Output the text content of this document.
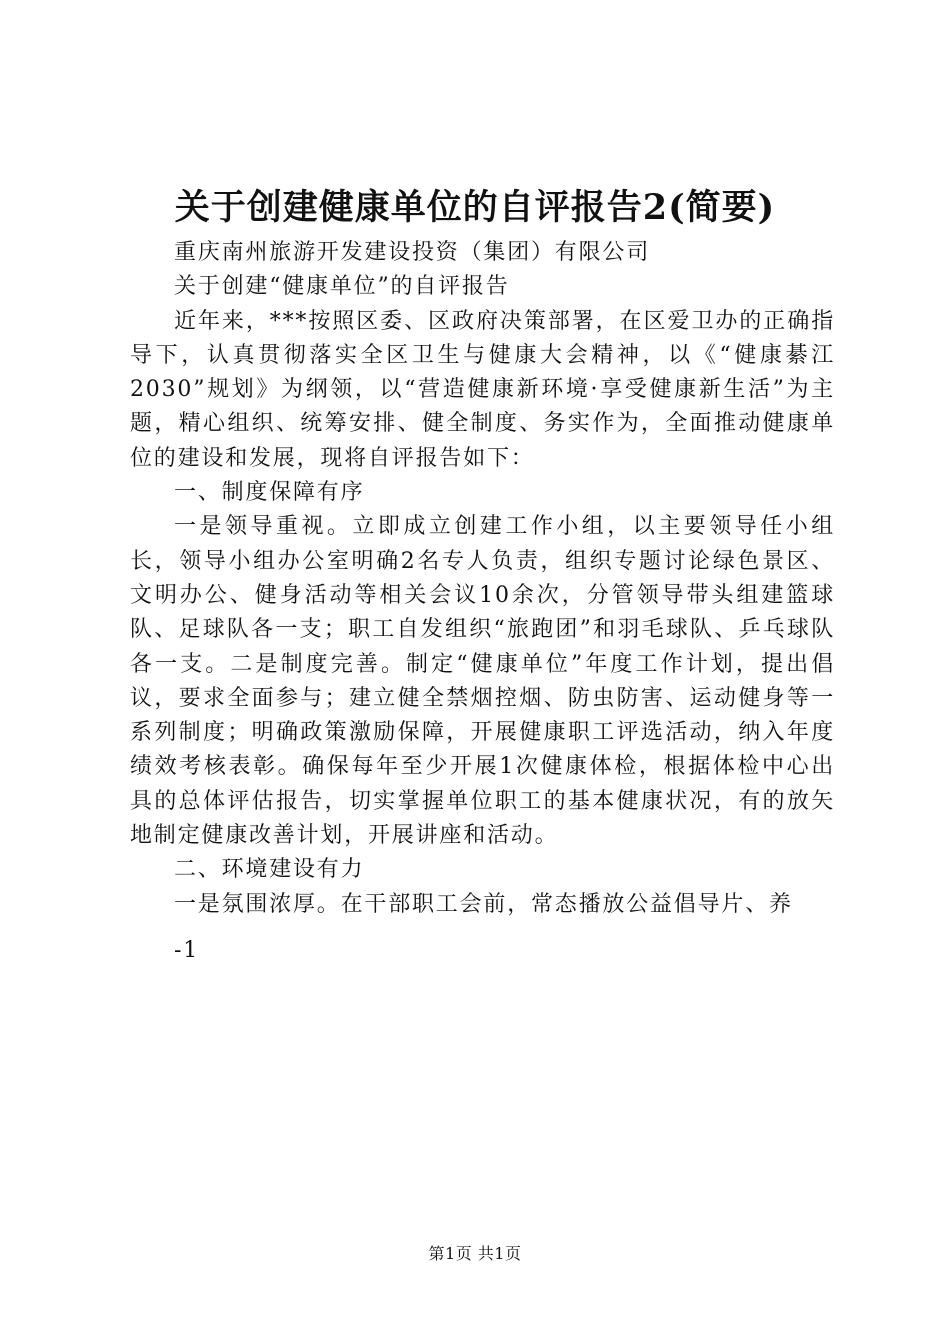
关于创建健康单位的自评报告2(简要)

重庆南州旅游开发建设投资（集团）有限公司

关于创建“健康单位”的自评报告

近年来，***按照区委、区政府决策部署，在区爱卫办的正确指导下，认真贯彻落实全区卫生与健康大会精神，以《“健康綦江2030”规划》为纲领，以“营造健康新环境·享受健康新生活”为主题，精心组织、统筹安排、健全制度、务实作为，全面推动健康单位的建设和发展，现将自评报告如下：

一、制度保障有序

一是领导重视。立即成立创建工作小组，以主要领导任小组长，领导小组办公室明确2名专人负责，组织专题讨论绿色景区、文明办公、健身活动等相关会议10余次，分管领导带头组建篮球队、足球队各一支；职工自发组织“旅跑团”和羽毛球队、乒乓球队各一支。二是制度完善。制定“健康单位”年度工作计划，提出倡议，要求全面参与；建立健全禁烟控烟、防虫防害、运动健身等一系列制度；明确政策激励保障，开展健康职工评选活动，纳入年度绩效考核表彰。确保每年至少开展1次健康体检，根据体检中心出具的总体评估报告，切实掌握单位职工的基本健康状况，有的放矢地制定健康改善计划，开展讲座和活动。

二、环境建设有力

一是氛围浓厚。在干部职工会前，常态播放公益倡导片、养

-1

第1页 共1页
